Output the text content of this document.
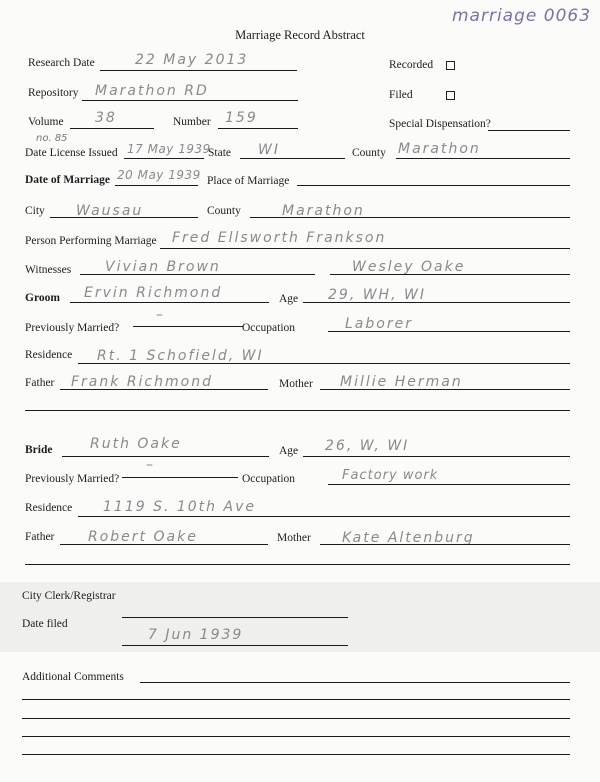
marriage 0063
Marriage Record Abstract
Research Date	22 May 2013	Recorded
Repository Marathon RD	Filed
Volume 38	Number 159	Special Dispensation?
no. 85
Date License Issued 17 May 1939
State WI	County Marathon
Date of Marriage 20 May 1939 Place of Marriage
City Wausau	County	Marathon
Person Performing Marriage Fred Ellsworth Frankson
Witnesses Vivian Brown	Wesley Oake
Groom Ervin Richmond	Age 29, WH, WI
Previously Married?
–
Occupation	Laborer
Residence Rt. 1 Schofield, WI
Father Frank Richmond	Mother Millie Herman
Bride	Ruth Oake	Age 26, W, WI
Previously Married?
–
Occupation	Factory work
Residence 1119 S. 10th Ave
Father Robert Oake	Mother Kate Altenburg
City Clerk/Registrar
Date filed
7 Jun 1939
Additional Comments
